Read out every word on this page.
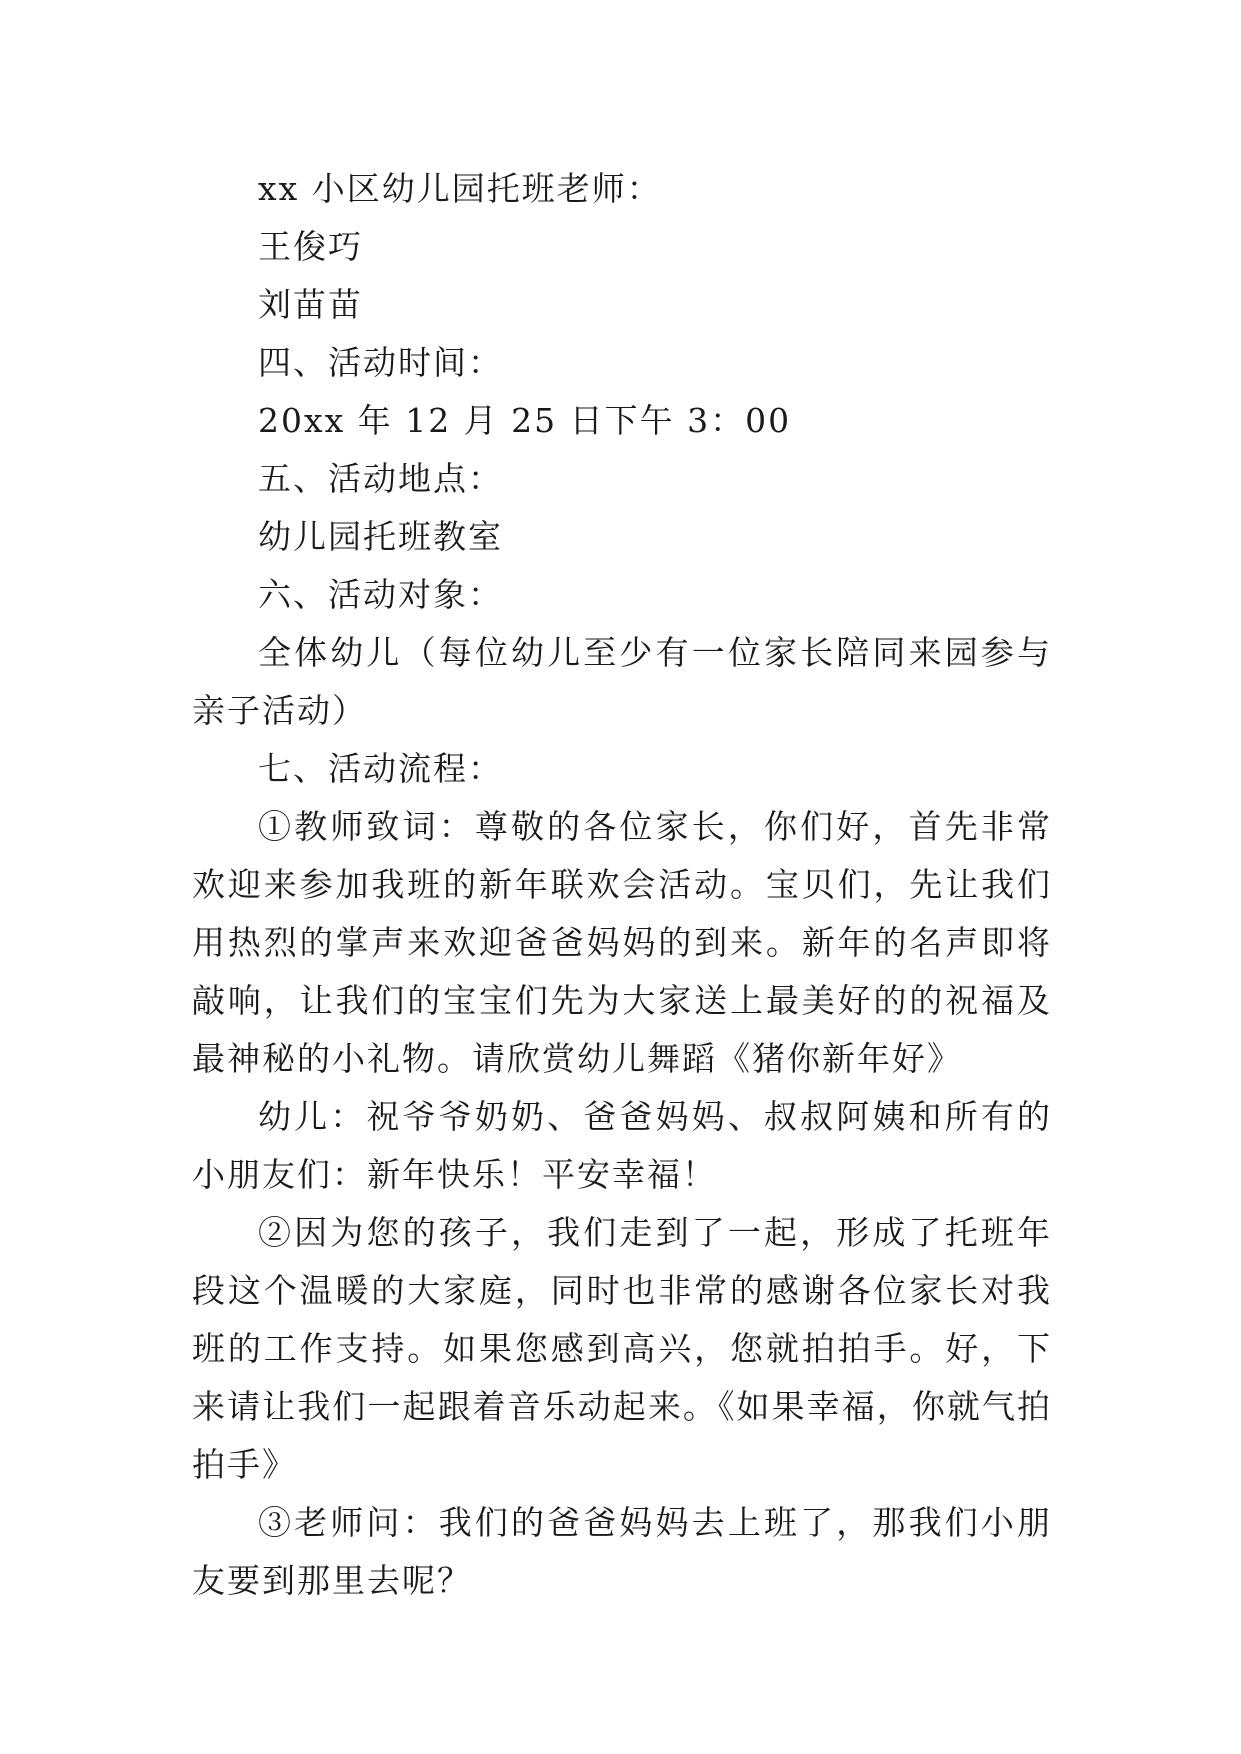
xx 小区幼儿园托班老师：

王俊巧

刘苗苗

四、活动时间：

20xx 年 12 月 25 日下午 3：00

五、活动地点：

幼儿园托班教室

六、活动对象：

全体幼儿（每位幼儿至少有一位家长陪同来园参与亲子活动）

七、活动流程：

①教师致词：尊敬的各位家长，你们好，首先非常欢迎来参加我班的新年联欢会活动。宝贝们，先让我们用热烈的掌声来欢迎爸爸妈妈的到来。新年的名声即将敲响，让我们的宝宝们先为大家送上最美好的的祝福及最神秘的小礼物。请欣赏幼儿舞蹈《猪你新年好》

幼儿：祝爷爷奶奶、爸爸妈妈、叔叔阿姨和所有的小朋友们：新年快乐！平安幸福！

②因为您的孩子，我们走到了一起，形成了托班年段这个温暖的大家庭，同时也非常的感谢各位家长对我班的工作支持。如果您感到高兴，您就拍拍手。好，下来请让我们一起跟着音乐动起来。《如果幸福，你就气拍拍手》

③老师问：我们的爸爸妈妈去上班了，那我们小朋友要到那里去呢？
